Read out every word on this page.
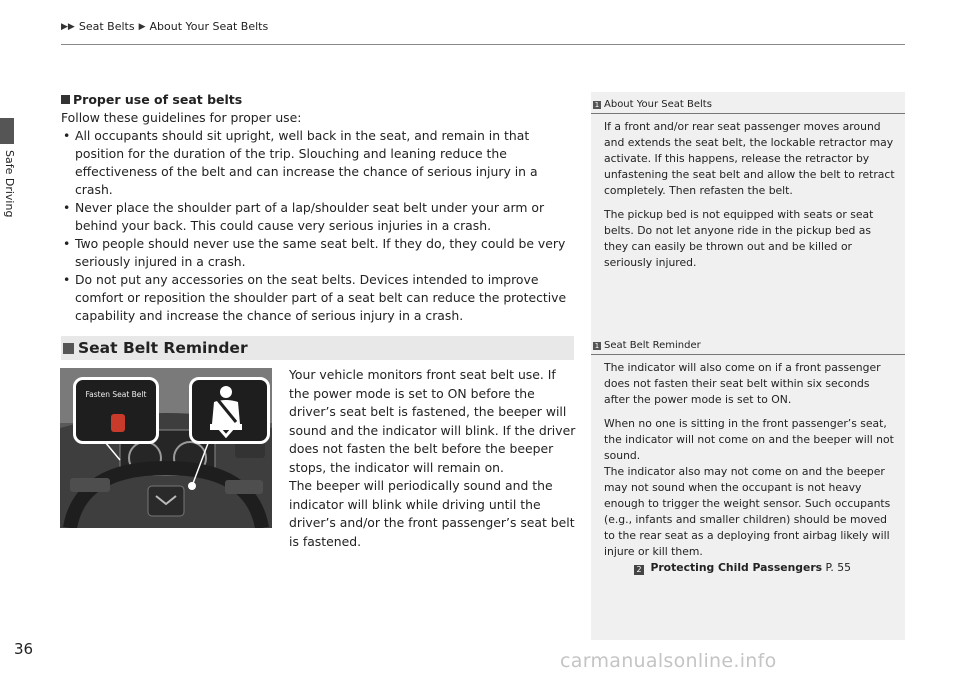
▶▶ Seat Belts ▶ About Your Seat Belts
Safe Driving
Proper use of seat belts
Follow these guidelines for proper use:
• All occupants should sit upright, well back in the seat, and remain in that position for the duration of the trip. Slouching and leaning reduce the effectiveness of the belt and can increase the chance of serious injury in a crash.
• Never place the shoulder part of a lap/shoulder seat belt under your arm or behind your back. This could cause very serious injuries in a crash.
• Two people should never use the same seat belt. If they do, they could be very seriously injured in a crash.
• Do not put any accessories on the seat belts. Devices intended to improve comfort or reposition the shoulder part of a seat belt can reduce the protective capability and increase the chance of serious injury in a crash.
Seat Belt Reminder
Fasten Seat Belt
Your vehicle monitors front seat belt use. If the power mode is set to ON before the driver’s seat belt is fastened, the beeper will sound and the indicator will blink. If the driver does not fasten the belt before the beeper stops, the indicator will remain on.
The beeper will periodically sound and the indicator will blink while driving until the driver’s and/or the front passenger’s seat belt is fastened.
1 About Your Seat Belts

If a front and/or rear seat passenger moves around and extends the seat belt, the lockable retractor may activate. If this happens, release the retractor by unfastening the seat belt and allow the belt to retract completely. Then refasten the belt.

The pickup bed is not equipped with seats or seat belts. Do not let anyone ride in the pickup bed as they can easily be thrown out and be killed or seriously injured.

1 Seat Belt Reminder

The indicator will also come on if a front passenger does not fasten their seat belt within six seconds after the power mode is set to ON.

When no one is sitting in the front passenger’s seat, the indicator will not come on and the beeper will not sound.

The indicator also may not come on and the beeper may not sound when the occupant is not heavy enough to trigger the weight sensor. Such occupants (e.g., infants and smaller children) should be moved to the rear seat as a deploying front airbag likely will injure or kill them.

2 Protecting Child Passengers P. 55
36
carmanualsonline.info
